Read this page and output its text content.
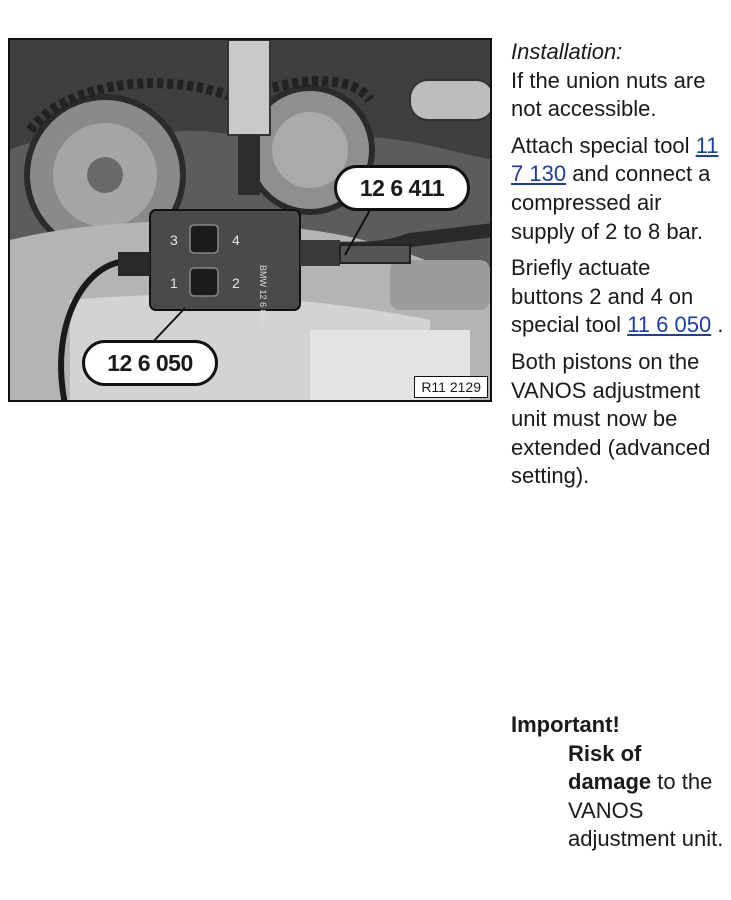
3	4
1	2 BMW 12 6 050
12 6 411
12 6 050
R11 2129

Installation:

If the union nuts are not accessible.

Attach special tool 11 7 130 and connect a compressed air supply of 2 to 8 bar.

Briefly actuate buttons 2 and 4 on special tool 11 6 050 .

Both pistons on the VANOS adjustment unit must now be extended (advanced setting).

Important!
Risk of damage to the VANOS adjustment unit.
